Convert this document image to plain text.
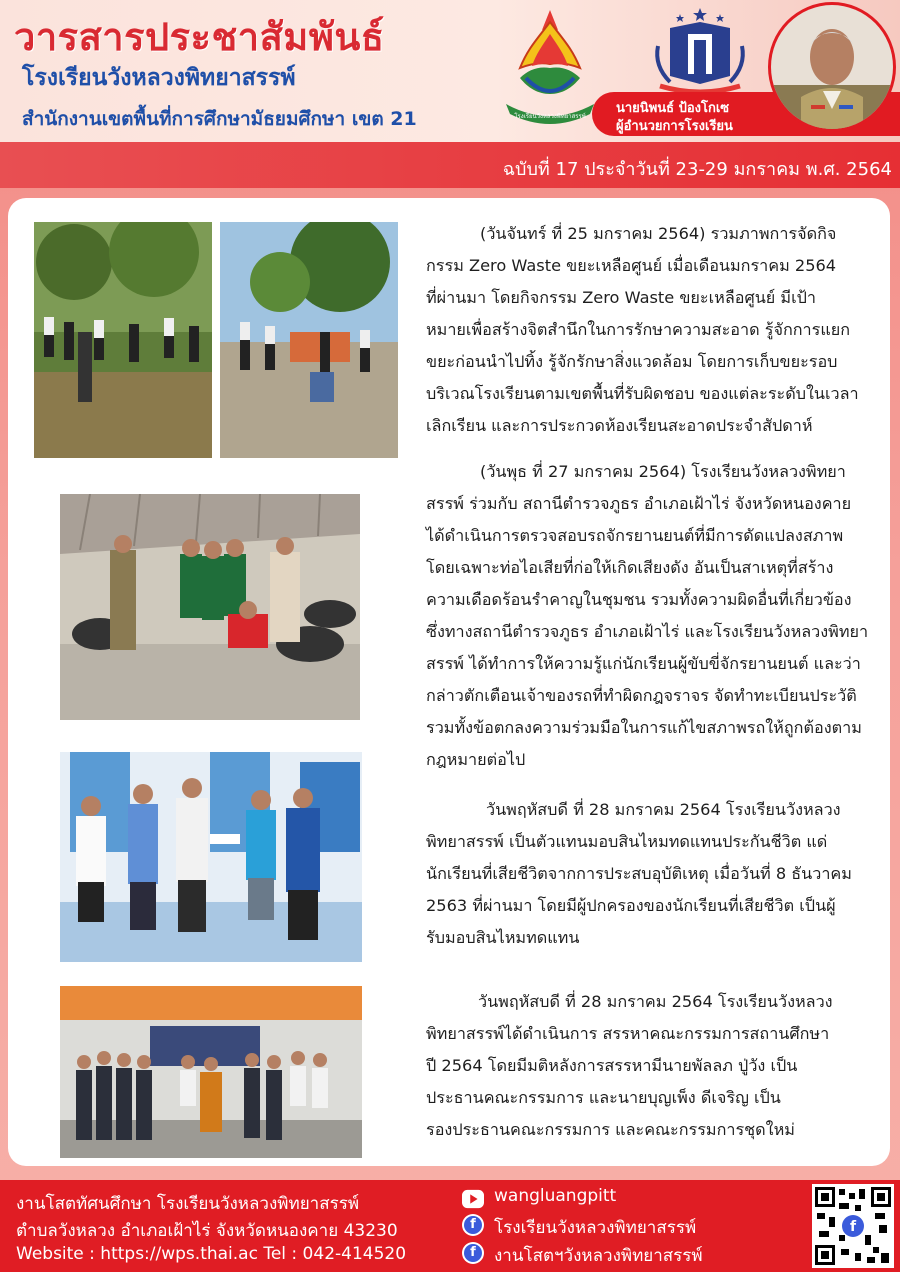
วารสารประชาสัมพันธ์
โรงเรียนวังหลวงพิทยาสรรพ์
สำนักงานเขตพื้นที่การศึกษามัธยมศึกษา เขต 21	โรงเรียนวังหลวงพิทยาสรรพ์
นายนิพนธ์ ป้องโกเซ
ผู้อำนวยการโรงเรียน
ฉบับที่ 17 ประจำวันที่ 23-29 มกราคม พ.ศ. 2564
(วันจันทร์ ที่ 25 มกราคม 2564) รวมภาพการจัดกิจ
กรรม Zero Waste ขยะเหลือศูนย์ เมื่อเดือนมกราคม 2564
ที่ผ่านมา โดยกิจกรรม Zero Waste ขยะเหลือศูนย์ มีเป้า
หมายเพื่อสร้างจิตสำนึกในการรักษาความสะอาด รู้จักการแยก
ขยะก่อนนำไปทิ้ง รู้จักรักษาสิ่งแวดล้อม โดยการเก็บขยะรอบ
บริเวณโรงเรียนตามเขตพื้นที่รับผิดชอบ ของแต่ละระดับในเวลา
เลิกเรียน และการประกวดห้องเรียนสะอาดประจำสัปดาห์
(วันพุธ ที่ 27 มกราคม 2564) โรงเรียนวังหลวงพิทยา
สรรพ์ ร่วมกับ สถานีตำรวจภูธร อำเภอเฝ้าไร่ จังหวัดหนองคาย
ได้ดำเนินการตรวจสอบรถจักรยานยนต์ที่มีการดัดแปลงสภาพ
โดยเฉพาะท่อไอเสียที่ก่อให้เกิดเสียงดัง อันเป็นสาเหตุที่สร้าง
ความเดือดร้อนรำคาญในชุมชน รวมทั้งความผิดอื่นที่เกี่ยวข้อง
ซึ่งทางสถานีตำรวจภูธร อำเภอเฝ้าไร่ และโรงเรียนวังหลวงพิทยา
สรรพ์ ได้ทำการให้ความรู้แก่นักเรียนผู้ขับขี่จักรยานยนต์ และว่า
กล่าวตักเตือนเจ้าของรถที่ทำผิดกฎจราจร จัดทำทะเบียนประวัติ
รวมทั้งข้อตกลงความร่วมมือในการแก้ไขสภาพรถให้ถูกต้องตาม
กฎหมายต่อไป
วันพฤหัสบดี ที่ 28 มกราคม 2564 โรงเรียนวังหลวง
พิทยาสรรพ์ เป็นตัวแทนมอบสินไหมทดแทนประกันชีวิต แด่
นักเรียนที่เสียชีวิตจากการประสบอุบัติเหตุ เมื่อวันที่ 8 ธันวาคม
2563 ที่ผ่านมา โดยมีผู้ปกครองของนักเรียนที่เสียชีวิต เป็นผู้
รับมอบสินไหมทดแทน
วันพฤหัสบดี ที่ 28 มกราคม 2564 โรงเรียนวังหลวง
พิทยาสรรพ์ได้ดำเนินการ สรรหาคณะกรรมการสถานศึกษา
ปี 2564 โดยมีมติหลังการสรรหามีนายพัลลภ ปู่วัง เป็น
ประธานคณะกรรมการ และนายบุญเพ็ง ดีเจริญ เป็น
รองประธานคณะกรรมการ และคณะกรรมการชุดใหม่
งานโสตทัศนศึกษา โรงเรียนวังหลวงพิทยาสรรพ์
ตำบลวังหลวง อำเภอเฝ้าไร่ จังหวัดหนองคาย 43230
Website : https://wps.thai.ac Tel : 042-414520
wangluangpitt
f	โรงเรียนวังหลวงพิทยาสรรพ์
f	งานโสตฯวังหลวงพิทยาสรรพ์
f
